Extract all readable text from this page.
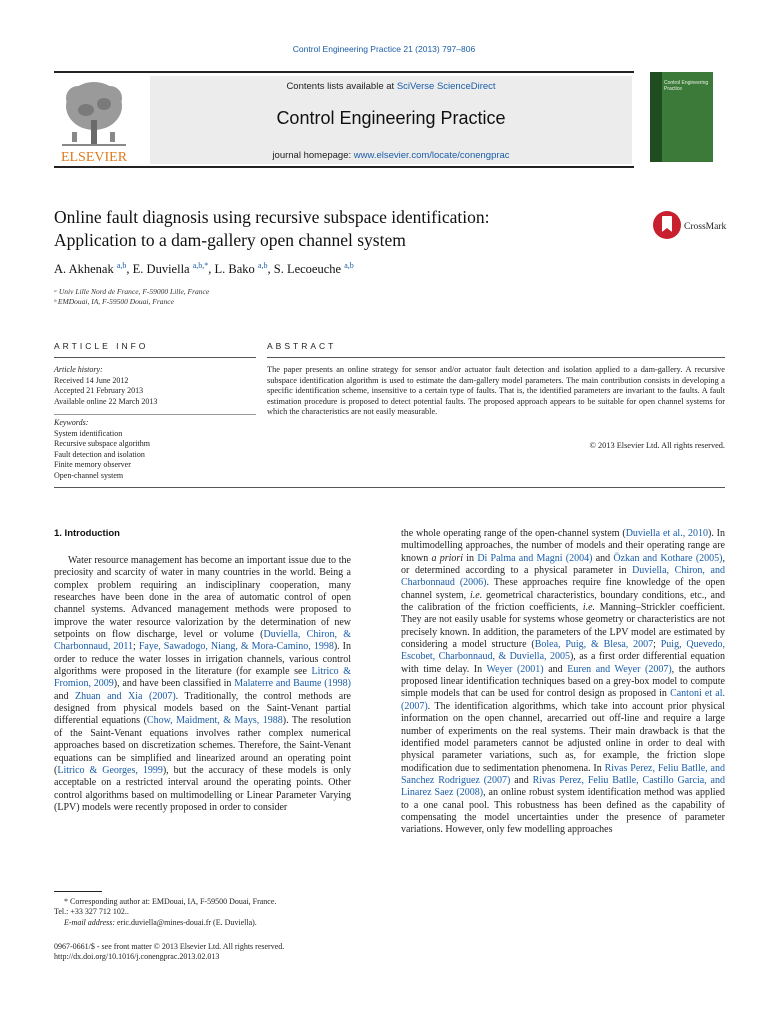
Control Engineering Practice 21 (2013) 797–806
ELSEVIER
Contents lists available at SciVerse ScienceDirect
Control Engineering Practice
journal homepage: www.elsevier.com/locate/conengprac
Control Engineering Practice
Online fault diagnosis using recursive subspace identification:
Application to a dam-gallery open channel system
CrossMark
A. Akhenak $^{a,b}$, E. Duviella $^{a,b,*}$, L. Bako $^{a,b}$, S. Lecoeuche $^{a,b}$
ᵃ Univ Lille Nord de France, F-59000 Lille, France
ᵇ EMDouai, IA, F-59500 Douai, France
ARTICLE INFO	ABSTRACT
Article history:
Received 14 June 2012
Accepted 21 February 2013
Available online 22 March 2013
Keywords:
System identification
Recursive subspace algorithm
Fault detection and isolation
Finite memory observer
Open-channel system
The paper presents an online strategy for sensor and/or actuator fault detection and isolation applied to a dam-gallery. A recursive subspace identification algorithm is used to estimate the dam-gallery model parameters. The main contribution consists in developing a specific identification scheme, insensitive to a certain type of faults. That is, the identified parameters are invariant to the faults. A fault estimation procedure is proposed to detect potential faults. The proposed approach appears to be suitable for open channel systems for which the characteristics are not easily measurable.
© 2013 Elsevier Ltd. All rights reserved.
1. Introduction
Water resource management has become an important issue due to the preciosity and scarcity of water in many countries in the world. Being a complex problem requiring an indisciplinary cooperation, many researches have been done in the area of automatic control of open channel systems. Advanced management methods were proposed to improve the water resource valorization by the determination of new setpoints on flow discharge, level or volume (Duviella, Chiron, & Charbonnaud, 2011; Faye, Sawadogo, Niang, & Mora-Camino, 1998). In order to reduce the water losses in irrigation channels, various control algorithms were proposed in the literature (for example see Litrico & Fromion, 2009), and have been classified in Malaterre and Baume (1998) and Zhuan and Xia (2007). Traditionally, the control methods are designed from physical models based on the Saint-Venant partial differential equations (Chow, Maidment, & Mays, 1988). The resolution of the Saint-Venant equations involves rather complex numerical approaches based on discretization schemes. Therefore, the Saint-Venant equations can be simplified and linearized around an operating point (Litrico & Georges, 1999), but the accuracy of these models is only acceptable on a restricted interval around the operating points. Other control algorithms based on multimodelling or Linear Parameter Varying (LPV) models were recently proposed in order to consider
the whole operating range of the open-channel system (Duviella et al., 2010). In multimodelling approaches, the number of models and their operating range are known a priori in Di Palma and Magni (2004) and Özkan and Kothare (2005), or determined according to a physical parameter in Duviella, Chiron, and Charbonnaud (2006). These approaches require fine knowledge of the open channel system, i.e. geometrical characteristics, boundary conditions, etc., and the calibration of the friction coefficients, i.e. Manning–Strickler coefficient. They are not easily usable for systems whose geometry or characteristics are not precisely known. In addition, the parameters of the LPV model are estimated by considering a model structure (Bolea, Puig, & Blesa, 2007; Puig, Quevedo, Escobet, Charbonnaud, & Duviella, 2005), as a first order differential equation with time delay. In Weyer (2001) and Euren and Weyer (2007), the authors proposed linear identification techniques based on a grey-box model to compute simple models that can be used for control design as proposed in Cantoni et al. (2007). The identification algorithms, which take into account prior physical information on the open channel, arecarried out off-line and require a large number of experiments on the real systems. Their main drawback is that the identified model parameters cannot be adjusted online in order to deal with physical parameter variations, such as, for example, the friction slope modification due to sedimentation phenomena. In Rivas Perez, Feliu Batlle, and Sanchez Rodriguez (2007) and Rivas Perez, Feliu Batlle, Castillo Garcia, and Linarez Saez (2008), an online robust system identification method was applied to a one canal pool. This robustness has been defined as the capability of compensating the model uncertainties under the presence of parameter variations. However, only few modelling approaches
* Corresponding author at: EMDouai, IA, F-59500 Douai, France.
Tel.: +33 327 712 102..
E-mail address: eric.duviella@mines-douai.fr (E. Duviella).
0967-0661/$ - see front matter © 2013 Elsevier Ltd. All rights reserved.
http://dx.doi.org/10.1016/j.conengprac.2013.02.013
